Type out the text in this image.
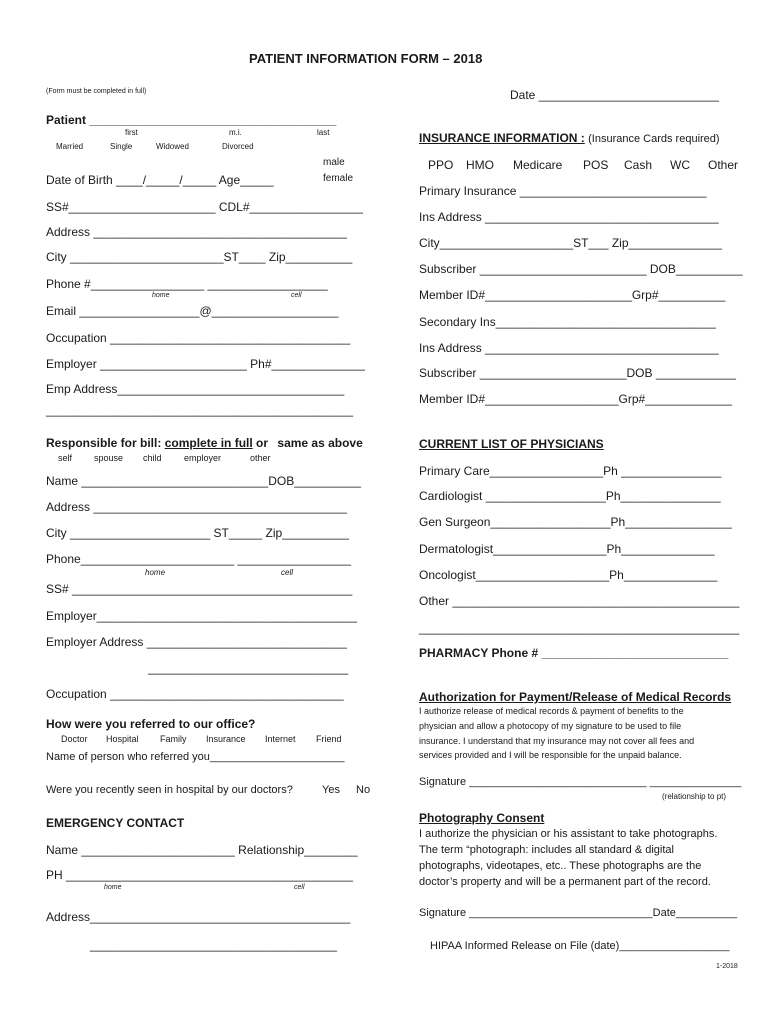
PATIENT INFORMATION FORM – 2018
(Form must be completed in full)	Date ___________________________
Patient _____________________________________
first	m.i.	last
Married	Single	Widowed	Divorced
male
female
Date of Birth ____/_____/_____ Age_____
SS#______________________ CDL#_________________
Address ______________________________________
City _______________________ST____ Zip__________
Phone #_________________ __________________
home	cell
Email __________________@___________________
Occupation ____________________________________
Employer ______________________ Ph#______________
Emp Address__________________________________
______________________________________________
INSURANCE INFORMATION : (Insurance Cards required)
PPO HMO Medicare POS Cash WC Other
Primary Insurance ____________________________
Ins Address ___________________________________
City____________________ST___ Zip______________
Subscriber _________________________ DOB__________
Member ID#______________________Grp#__________
Secondary Ins_________________________________
Ins Address ___________________________________
Subscriber ______________________DOB ____________
Member ID#____________________Grp#_____________
Responsible for bill: complete in full or same as above
self spouse child employer	other
Name ____________________________DOB__________
Address ______________________________________
City _____________________ ST_____ Zip__________
Phone_______________________ _________________
home	cell
SS# __________________________________________
Employer_______________________________________
Employer Address ______________________________
______________________________
Occupation ___________________________________
How were you referred to our office?
Doctor Hospital Family Insurance Internet Friend
Name of person who referred you______________________
Were you recently seen in hospital by our doctors?	Yes No
EMERGENCY CONTACT
Name _______________________ Relationship________
PH ___________________________________________
home	cell
Address_______________________________________
_____________________________________
CURRENT LIST OF PHYSICIANS
Primary Care_________________Ph _______________
Cardiologist __________________Ph_______________
Gen Surgeon__________________Ph________________
Dermatologist_________________Ph______________
Oncologist____________________Ph______________
Other ___________________________________________
________________________________________________
PHARMACY Phone # ____________________________
Authorization for Payment/Release of Medical Records
I authorize release of medical records & payment of benefits to the
physician and allow a photocopy of my signature to be used to file
insurance. I understand that my insurance may not cover all fees and
services provided and I will be responsible for the unpaid balance.
Signature _____________________________ _______________
(relationship to pt)
Photography Consent
I authorize the physician or his assistant to take photographs.
The term “photograph: includes all standard & digital
photographs, videotapes, etc.. These photographs are the
doctor’s property and will be a permanent part of the record.
Signature ______________________________Date__________
HIPAA Informed Release on File (date)__________________
1-2018
